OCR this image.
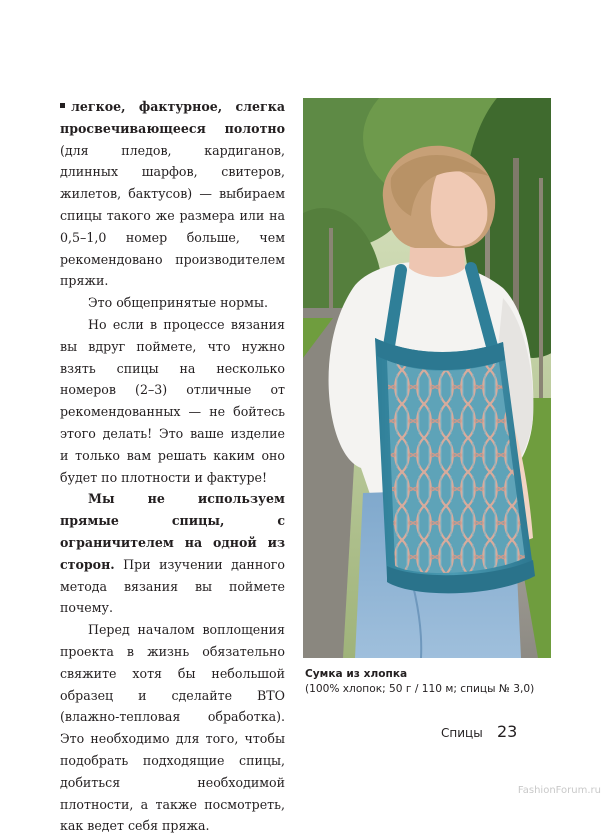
легкое, фактурное, слегка просвечивающееся полотно (для пледов, кардиганов, длинных шарфов, свитеров, жилетов, бактусов) — выбираем спицы такого же размера или на 0,5–1,0 номер больше, чем рекомендовано производителем пряжи.

Это общепринятые нормы.

Но если в процессе вязания вы вдруг поймете, что нужно взять спицы на несколько номеров (2–3) отличные от рекомендованных — не бойтесь этого делать! Это ваше изделие и только вам решать каким оно будет по плотности и фактуре!

Мы не используем прямые спицы, с ограничителем на одной из сторон. При изучении данного метода вязания вы поймете почему.

Перед началом воплощения проекта в жизнь обязательно свяжите хотя бы небольшой образец и сделайте ВТО (влажно-тепловая обработка). Это необходимо для того, чтобы подобрать подходящие спицы, добиться необходимой плотности, а также посмотреть, как ведет себя пряжа.

Сумка из хлопка
(100% хлопок; 50 г / 110 м; спицы № 3,0)
Спицы 23
FashionForum.ru
